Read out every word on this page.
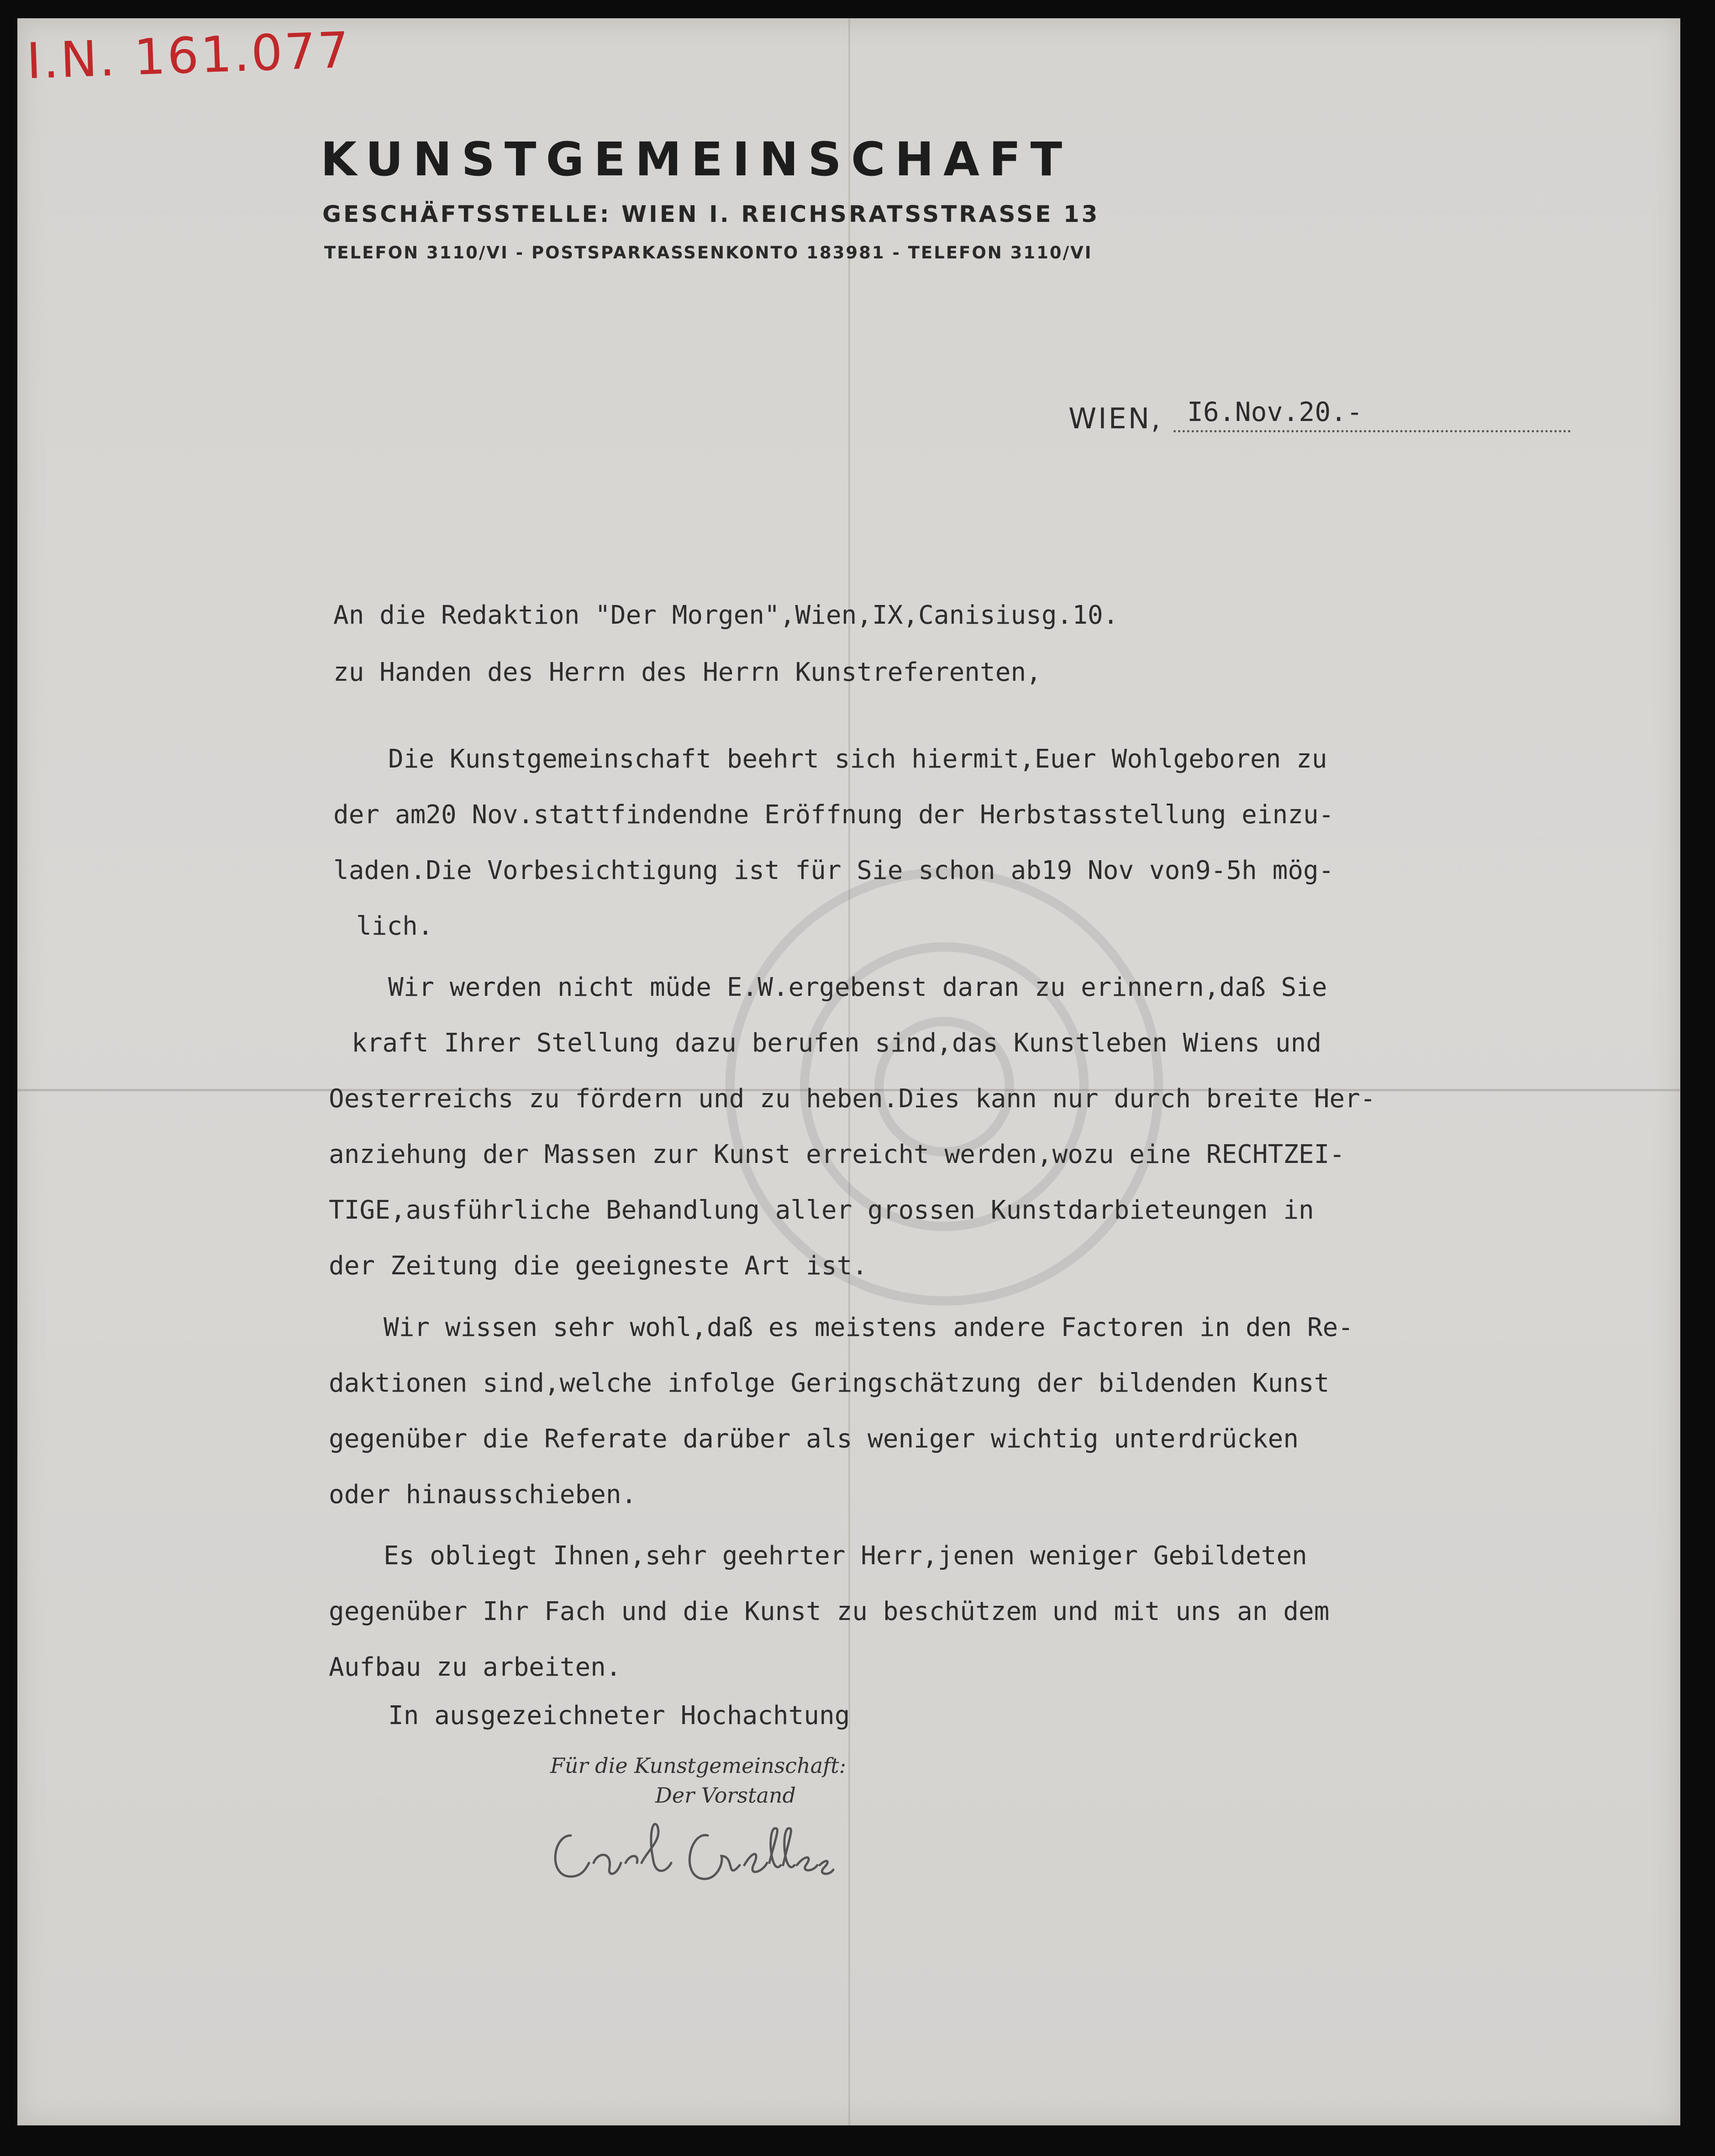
I.N. 161.077
KUNSTGEMEINSCHAFT
GESCHÄFTSSTELLE: WIEN I. REICHSRATSSTRASSE 13
TELEFON 3110/VI - POSTSPARKASSENKONTO 183981 - TELEFON 3110/VI
WIEN, I6.Nov.20.-
An die Redaktion "Der Morgen",Wien,IX,Canisiusg.10.
zu Handen des Herrn des Herrn Kunstreferenten,
Die Kunstgemeinschaft beehrt sich hiermit,Euer Wohlgeboren zu
der am20 Nov.stattfindendne Eröffnung der Herbstasstellung einzu-
laden.Die Vorbesichtigung ist für Sie schon ab19 Nov von9-5h mög-
lich.
Wir werden nicht müde E.W.ergebenst daran zu erinnern,daß Sie
kraft Ihrer Stellung dazu berufen sind,das Kunstleben Wiens und
Oesterreichs zu fördern und zu heben.Dies kann nur durch breite Her-
anziehung der Massen zur Kunst erreicht werden,wozu eine RECHTZEI-
TIGE,ausführliche Behandlung aller grossen Kunstdarbieteungen in
der Zeitung die geeigneste Art ist.
Wir wissen sehr wohl,daß es meistens andere Factoren in den Re-
daktionen sind,welche infolge Geringschätzung der bildenden Kunst
gegenüber die Referate darüber als weniger wichtig unterdrücken
oder hinausschieben.
Es obliegt Ihnen,sehr geehrter Herr,jenen weniger Gebildeten
gegenüber Ihr Fach und die Kunst zu beschützem und mit uns an dem
Aufbau zu arbeiten.
In ausgezeichneter Hochachtung
Für die Kunstgemeinschaft:
Der Vorstand
